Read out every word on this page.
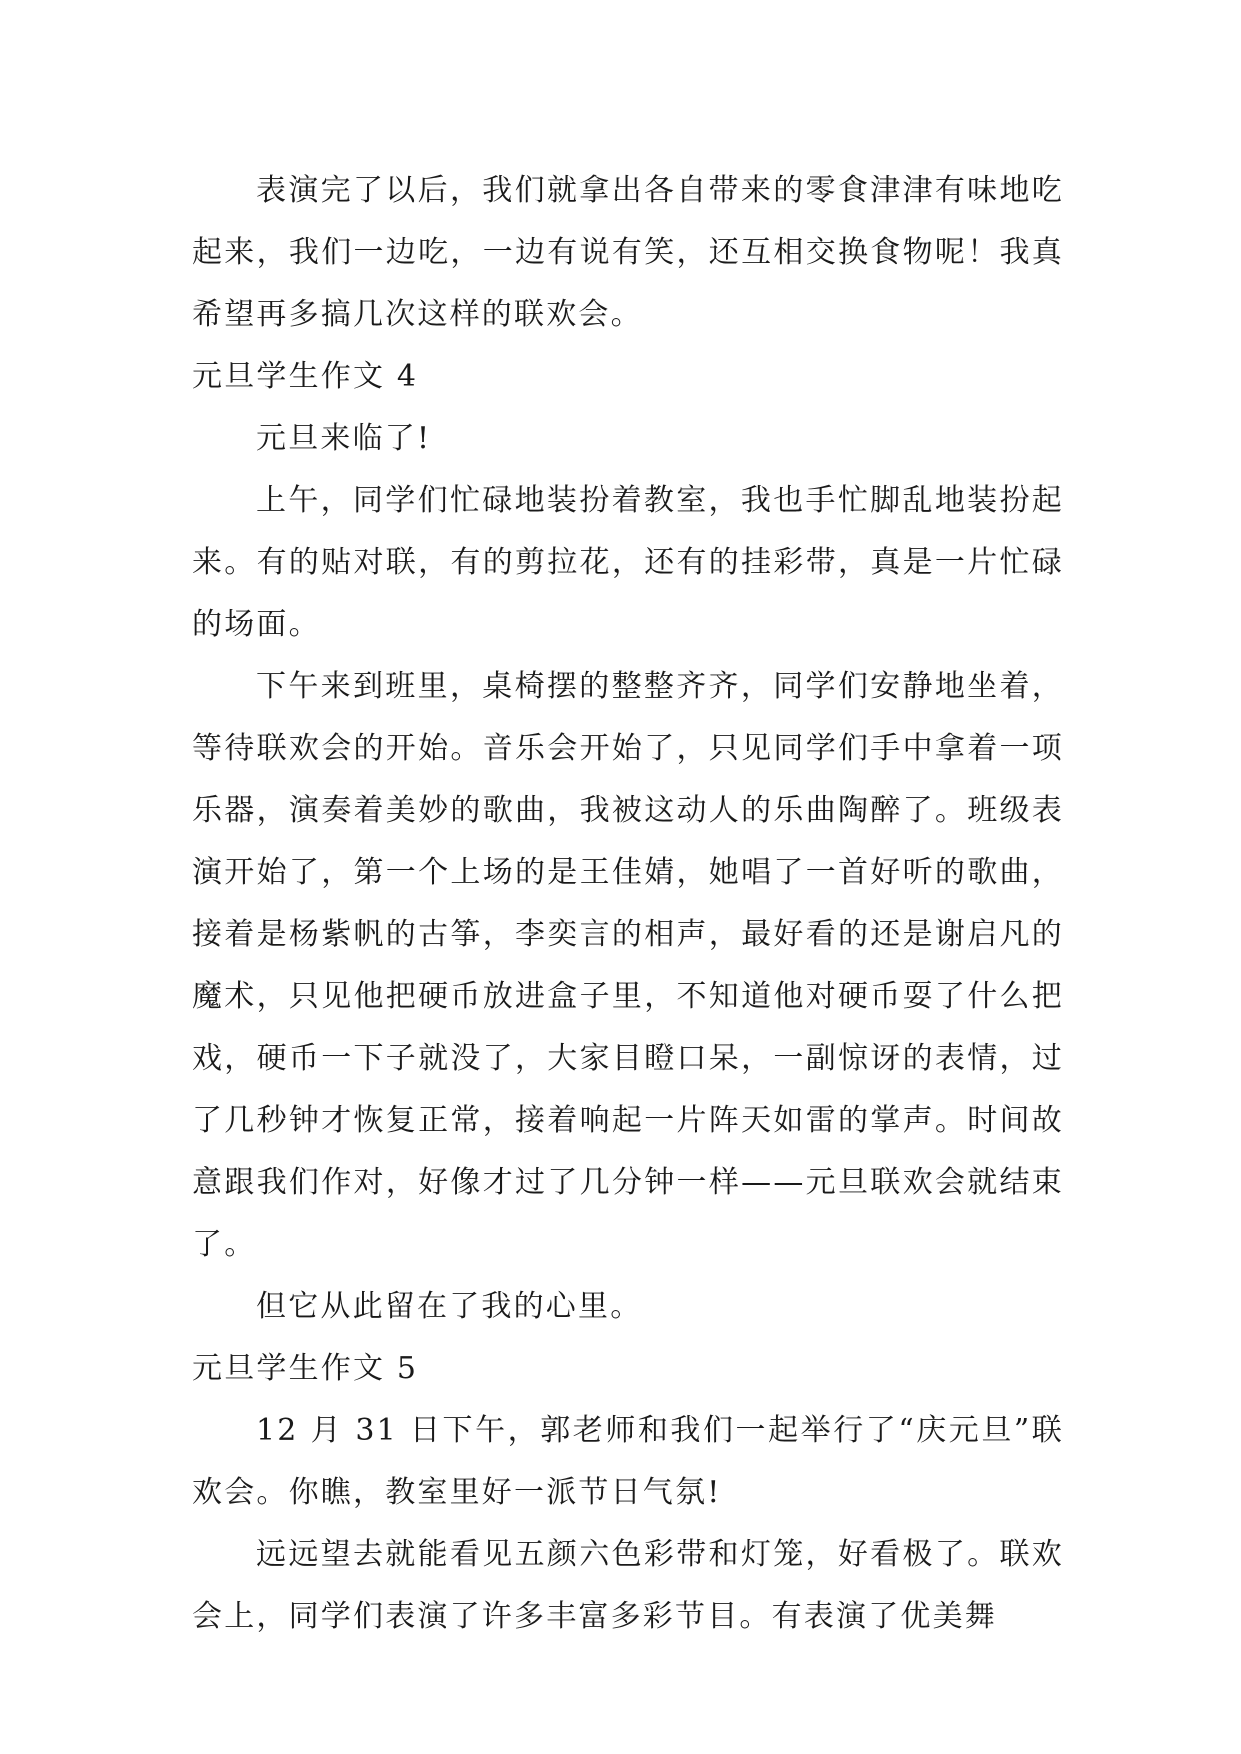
表演完了以后，我们就拿出各自带来的零食津津有味地吃起来，我们一边吃，一边有说有笑，还互相交换食物呢！我真希望再多搞几次这样的联欢会。

元旦学生作文 4

元旦来临了!

上午，同学们忙碌地装扮着教室，我也手忙脚乱地装扮起来。有的贴对联，有的剪拉花，还有的挂彩带，真是一片忙碌的场面。

下午来到班里，桌椅摆的整整齐齐，同学们安静地坐着，等待联欢会的开始。音乐会开始了，只见同学们手中拿着一项乐器，演奏着美妙的歌曲，我被这动人的乐曲陶醉了。班级表演开始了，第一个上场的是王佳婧，她唱了一首好听的歌曲，接着是杨紫帆的古筝，李奕言的相声，最好看的还是谢启凡的魔术，只见他把硬币放进盒子里，不知道他对硬币耍了什么把戏，硬币一下子就没了，大家目瞪口呆，一副惊讶的表情，过了几秒钟才恢复正常，接着响起一片阵天如雷的掌声。时间故意跟我们作对，好像才过了几分钟一样——元旦联欢会就结束了。

但它从此留在了我的心里。

元旦学生作文 5

12 月 31 日下午，郭老师和我们一起举行了“庆元旦”联欢会。你瞧，教室里好一派节日气氛!

远远望去就能看见五颜六色彩带和灯笼，好看极了。联欢会上，同学们表演了许多丰富多彩节目。有表演了优美舞
